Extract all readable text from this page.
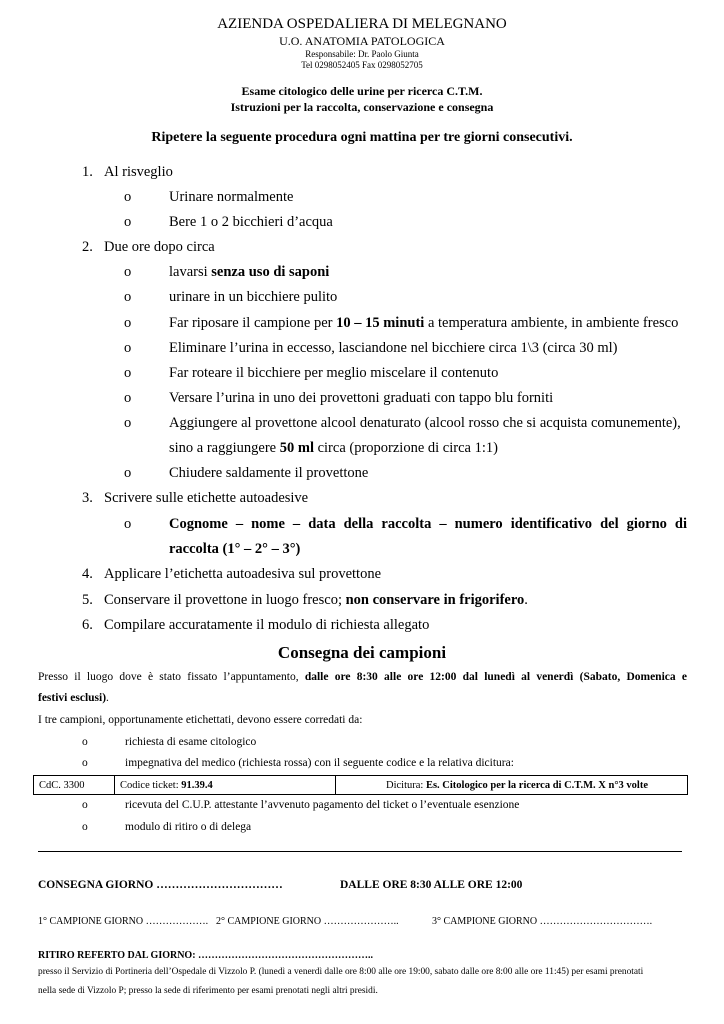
AZIENDA OSPEDALIERA DI MELEGNANO
U.O. ANATOMIA PATOLOGICA
Responsabile: Dr. Paolo Giunta
Tel 0298052405 Fax 0298052705
Esame citologico delle urine per ricerca C.T.M.
Istruzioni per la raccolta, conservazione e consegna
Ripetere la seguente procedura ogni mattina per tre giorni consecutivi.
1. Al risveglio
o	Urinare normalmente
o	Bere 1 o 2 bicchieri d’acqua
2. Due ore dopo circa
o	lavarsi senza uso di saponi
o	urinare in un bicchiere pulito
o	Far riposare il campione per 10 – 15 minuti a temperatura ambiente, in ambiente fresco
o	Eliminare l’urina in eccesso, lasciandone nel bicchiere circa 1\3 (circa 30 ml)
o	Far roteare il bicchiere per meglio miscelare il contenuto
o	Versare l’urina in uno dei provettoni graduati con tappo blu forniti
o	Aggiungere al provettone alcool denaturato (alcool rosso che si acquista comunemente),
sino a raggiungere 50 ml circa (proporzione di circa 1:1)
o	Chiudere saldamente il provettone
3. Scrivere sulle etichette autoadesive
o	Cognome – nome – data della raccolta – numero identificativo del giorno di
raccolta (1° – 2° – 3°)
4. Applicare l’etichetta autoadesiva sul provettone
5. Conservare il provettone in luogo fresco; non conservare in frigorifero.
6. Compilare accuratamente il modulo di richiesta allegato
Consegna dei campioni
Presso il luogo dove è stato fissato l’appuntamento, dalle ore 8:30 alle ore 12:00 dal lunedì al venerdì (Sabato, Domenica e
festivi esclusi).
I tre campioni, opportunamente etichettati, devono essere corredati da:
o	richiesta di esame citologico
o	impegnativa del medico (richiesta rossa) con il seguente codice e la relativa dicitura:
CdC. 3300	Codice ticket: 91.39.4	Dicitura: Es. Citologico per la ricerca di C.T.M. X n°3 volte
o	ricevuta del C.U.P. attestante l’avvenuto pagamento del ticket o l’eventuale esenzione
o	modulo di ritiro o di delega
CONSEGNA GIORNO ……………………………	DALLE ORE 8:30 ALLE ORE 12:00
1° CAMPIONE GIORNO ………………. 2° CAMPIONE GIORNO …………………..	3° CAMPIONE GIORNO …………………………….
RITIRO REFERTO DAL GIORNO: ……………………………………………..
presso il Servizio di Portineria dell’Ospedale di Vizzolo P. (lunedì a venerdì dalle ore 8:00 alle ore 19:00, sabato dalle ore 8:00 alle ore 11:45) per esami prenotati
nella sede di Vizzolo P; presso la sede di riferimento per esami prenotati negli altri presidi.
